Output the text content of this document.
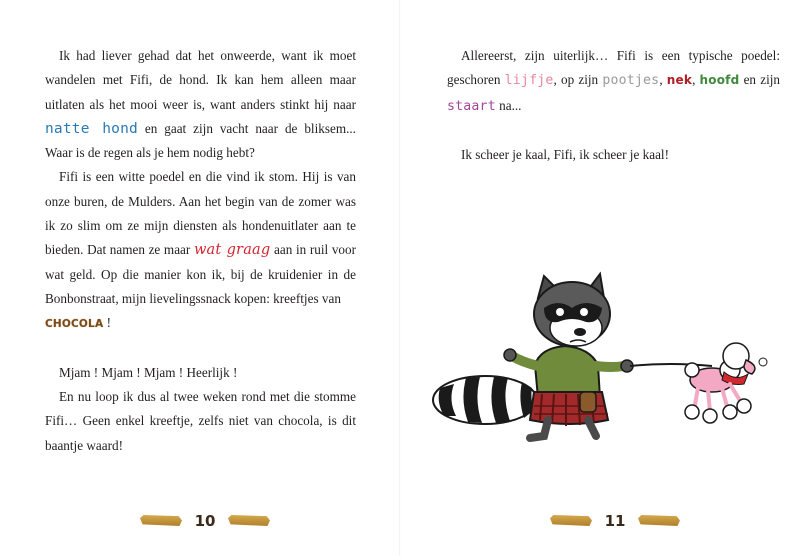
Ik had liever gehad dat het onweerde, want ik moet wandelen met Fifi, de hond. Ik kan hem alleen maar uitlaten als het mooi weer is, want anders stinkt hij naar natte hond en gaat zijn vacht naar de bliksem... Waar is de regen als je hem nodig hebt?

Fifi is een witte poedel en die vind ik stom. Hij is van onze buren, de Mulders. Aan het begin van de zomer was ik zo slim om ze mijn diensten als hondenuitlater aan te bieden. Dat namen ze maar wat graag aan in ruil voor wat geld. Op die manier kon ik, bij de kruidenier in de Bonbonstraat, mijn lievelingssnack kopen: kreeftjes van
CHOCOLA !

Mjam ! Mjam ! Mjam ! Heerlijk !

En nu loop ik dus al twee weken rond met die stomme Fifi… Geen enkel kreeftje, zelfs niet van chocola, is dit baantje waard!

10

Allereerst, zijn uiterlijk… Fifi is een typische poedel: geschoren lijfje, op zijn pootjes, nek, hoofd en zijn staart na...

Ik scheer je kaal, Fifi, ik scheer je kaal!

11
